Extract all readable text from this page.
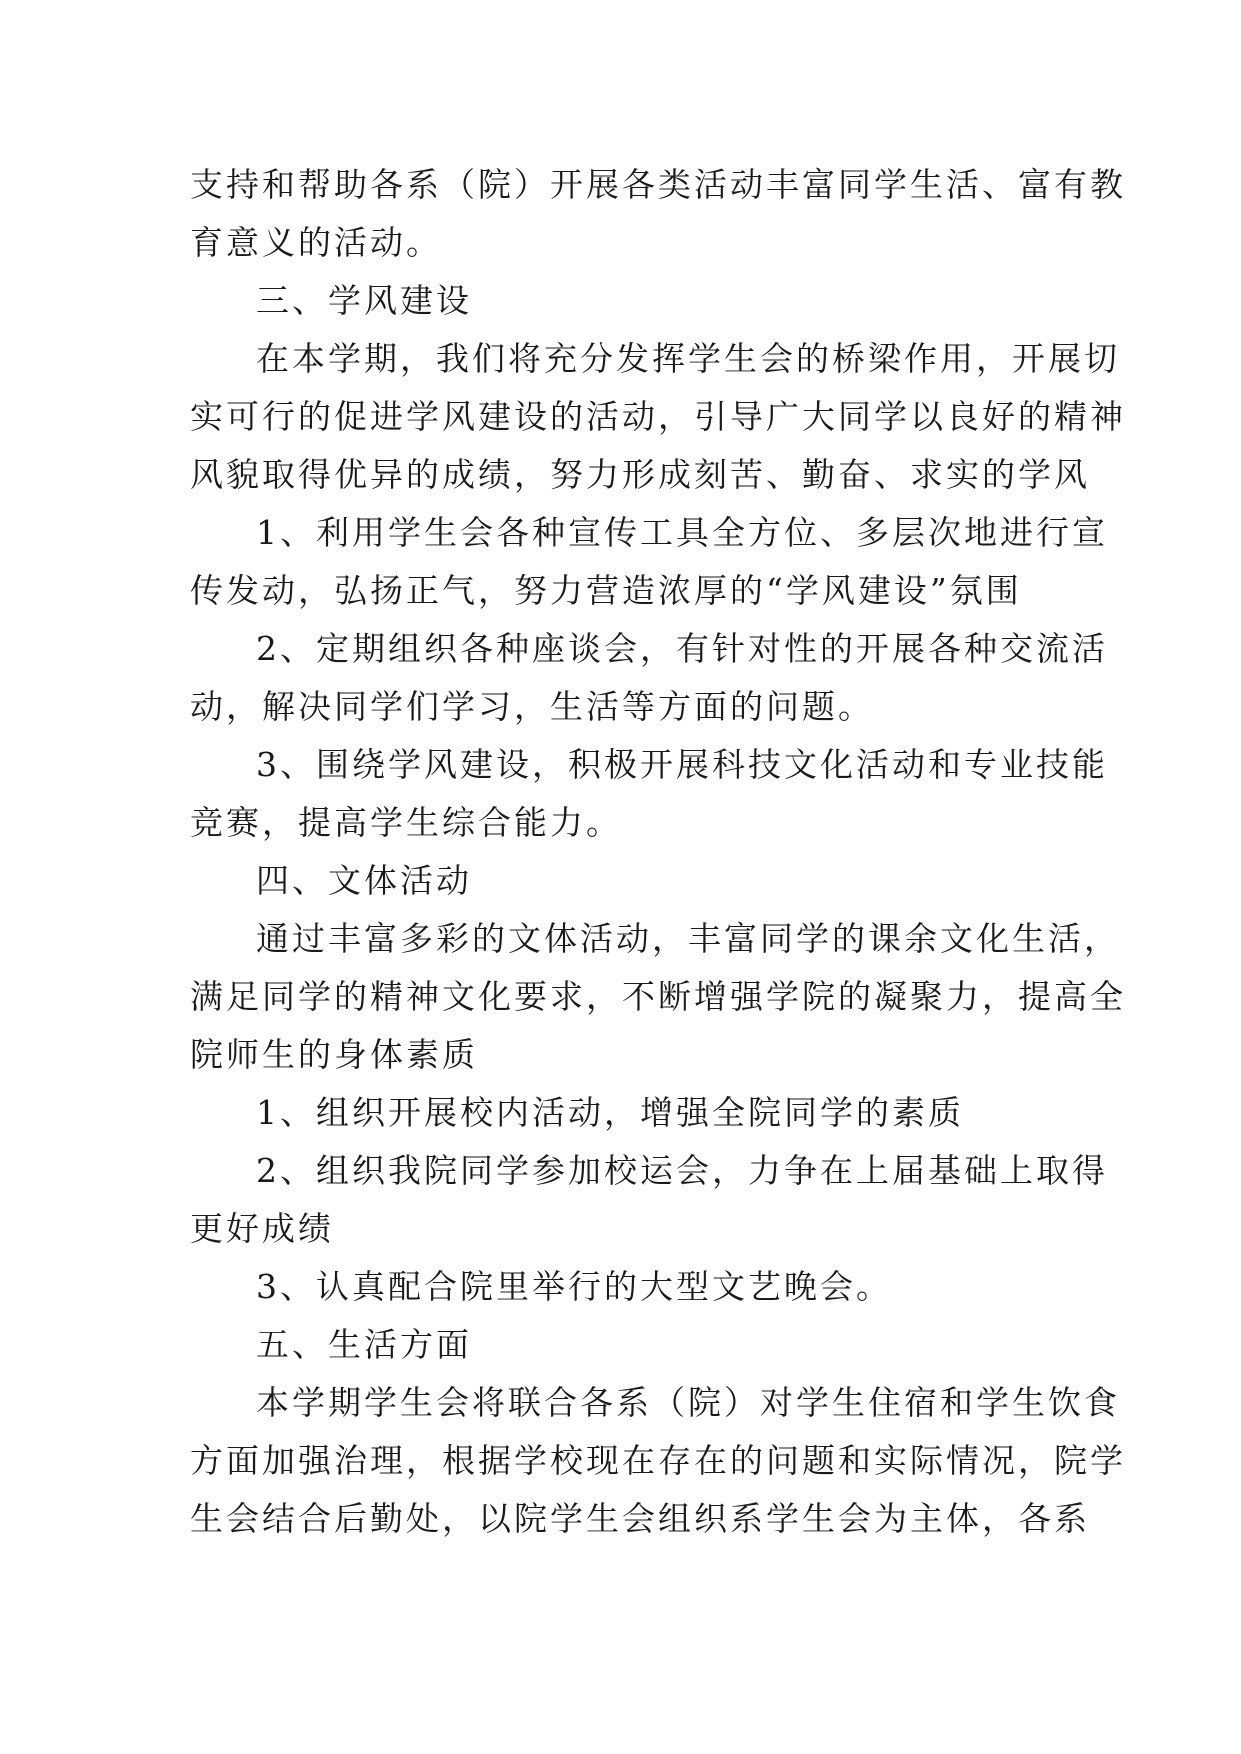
支持和帮助各系（院）开展各类活动丰富同学生活、富有教
育意义的活动。
三、学风建设
在本学期，我们将充分发挥学生会的桥梁作用，开展切
实可行的促进学风建设的活动，引导广大同学以良好的精神
风貌取得优异的成绩，努力形成刻苦、勤奋、求实的学风
1、利用学生会各种宣传工具全方位、多层次地进行宣
传发动，弘扬正气，努力营造浓厚的“学风建设”氛围
2、定期组织各种座谈会，有针对性的开展各种交流活
动，解决同学们学习，生活等方面的问题。
3、围绕学风建设，积极开展科技文化活动和专业技能
竞赛，提高学生综合能力。
四、文体活动
通过丰富多彩的文体活动，丰富同学的课余文化生活，
满足同学的精神文化要求，不断增强学院的凝聚力，提高全
院师生的身体素质
1、组织开展校内活动，增强全院同学的素质
2、组织我院同学参加校运会，力争在上届基础上取得
更好成绩
3、认真配合院里举行的大型文艺晚会。
五、生活方面
本学期学生会将联合各系（院）对学生住宿和学生饮食
方面加强治理，根据学校现在存在的问题和实际情况，院学
生会结合后勤处，以院学生会组织系学生会为主体，各系
